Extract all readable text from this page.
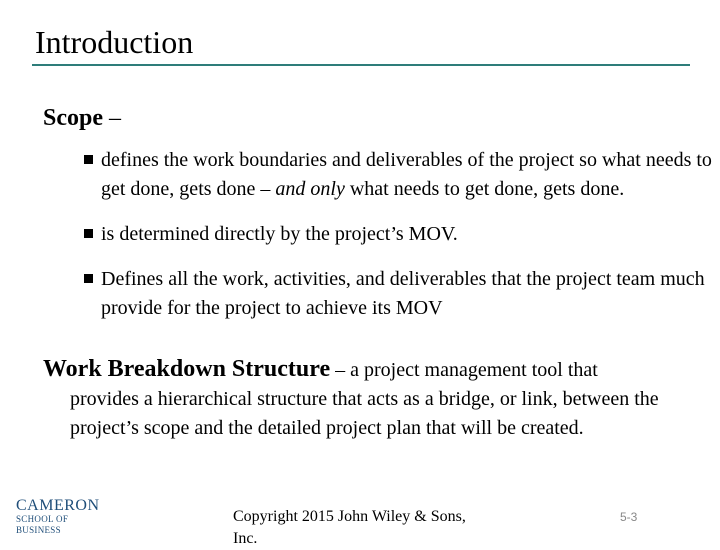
Introduction
Scope –
defines the work boundaries and deliverables of the project so what needs to get done, gets done – and only what needs to get done, gets done.
is determined directly by the project’s MOV.
Defines all the work, activities, and deliverables that the project team much provide for the project to achieve its MOV
Work Breakdown Structure – a project management tool that
provides a hierarchical structure that acts as a bridge, or link, between the project’s scope and the detailed project plan that will be created.
CAMERON
SCHOOL OF BUSINESS
Copyright 2015 John Wiley & Sons, Inc.
5-3
